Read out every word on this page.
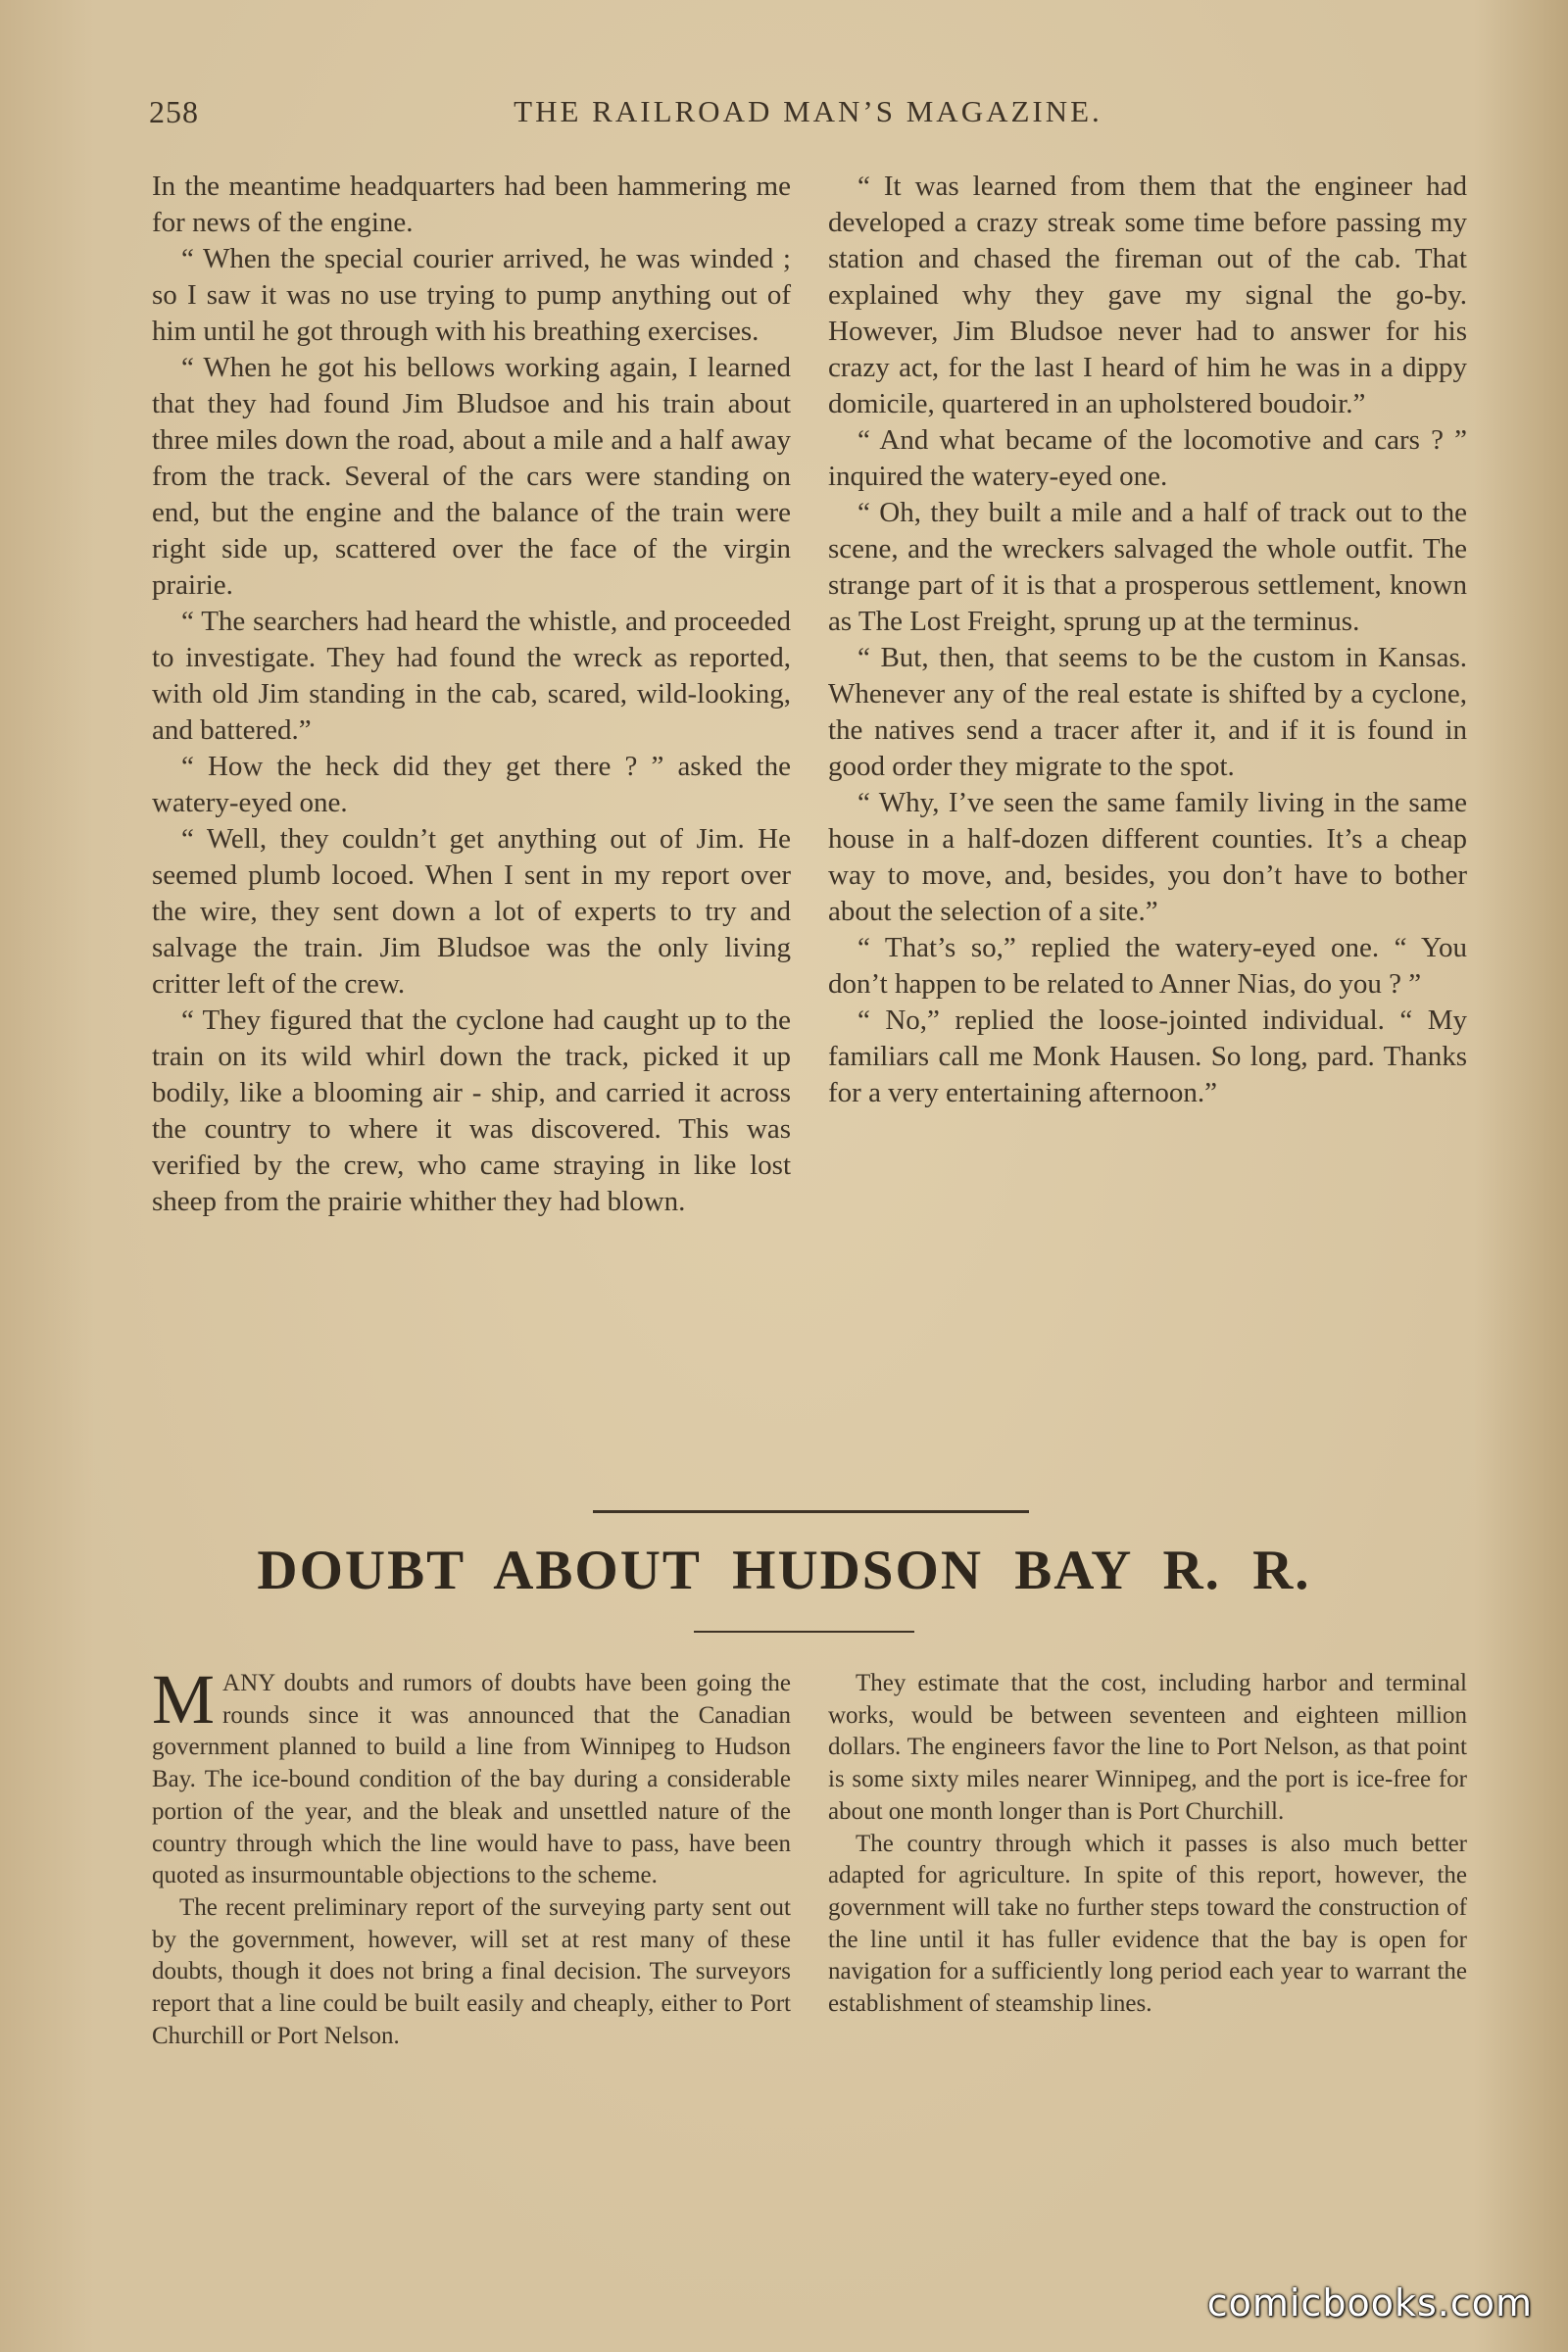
258	THE RAILROAD MAN’S MAGAZINE.

In the meantime headquarters had been hammering me for news of the engine.

“ When the special courier arrived, he was winded ; so I saw it was no use trying to pump anything out of him until he got through with his breathing exercises.

“ When he got his bellows working again, I learned that they had found Jim Bludsoe and his train about three miles down the road, about a mile and a half away from the track. Several of the cars were standing on end, but the engine and the balance of the train were right side up, scattered over the face of the virgin prairie.

“ The searchers had heard the whistle, and proceeded to investigate. They had found the wreck as reported, with old Jim standing in the cab, scared, wild-looking, and battered.”

“ How the heck did they get there ? ” asked the watery-eyed one.

“ Well, they couldn’t get anything out of Jim. He seemed plumb locoed. When I sent in my report over the wire, they sent down a lot of experts to try and salvage the train. Jim Bludsoe was the only living critter left of the crew.

“ They figured that the cyclone had caught up to the train on its wild whirl down the track, picked it up bodily, like a blooming air - ship, and carried it across the country to where it was discovered. This was verified by the crew, who came straying in like lost sheep from the prairie whither they had blown.

“ It was learned from them that the engineer had developed a crazy streak some time before passing my station and chased the fireman out of the cab. That explained why they gave my signal the go-by. However, Jim Bludsoe never had to answer for his crazy act, for the last I heard of him he was in a dippy domicile, quartered in an upholstered boudoir.”

“ And what became of the locomotive and cars ? ” inquired the watery-eyed one.

“ Oh, they built a mile and a half of track out to the scene, and the wreckers salvaged the whole outfit. The strange part of it is that a prosperous settlement, known as The Lost Freight, sprung up at the terminus.

“ But, then, that seems to be the custom in Kansas. Whenever any of the real estate is shifted by a cyclone, the natives send a tracer after it, and if it is found in good order they migrate to the spot.

“ Why, I’ve seen the same family living in the same house in a half-dozen different counties. It’s a cheap way to move, and, besides, you don’t have to bother about the selection of a site.”

“ That’s so,” replied the watery-eyed one. “ You don’t happen to be related to Anner Nias, do you ? ”

“ No,” replied the loose-jointed individual. “ My familiars call me Monk Hausen. So long, pard. Thanks for a very entertaining afternoon.”

DOUBT ABOUT HUDSON BAY R. R.

MANY doubts and rumors of doubts have been going the rounds since it was announced that the Canadian government planned to build a line from Winnipeg to Hudson Bay. The ice-bound condition of the bay during a considerable portion of the year, and the bleak and unsettled nature of the country through which the line would have to pass, have been quoted as insurmountable objections to the scheme.

The recent preliminary report of the surveying party sent out by the government, however, will set at rest many of these doubts, though it does not bring a final decision. The surveyors report that a line could be built easily and cheaply, either to Port Churchill or Port Nelson.

They estimate that the cost, including harbor and terminal works, would be between seventeen and eighteen million dollars. The engineers favor the line to Port Nelson, as that point is some sixty miles nearer Winnipeg, and the port is ice-free for about one month longer than is Port Churchill.

The country through which it passes is also much better adapted for agriculture. In spite of this report, however, the government will take no further steps toward the construction of the line until it has fuller evidence that the bay is open for navigation for a sufficiently long period each year to warrant the establishment of steamship lines.

comicbooks.com
